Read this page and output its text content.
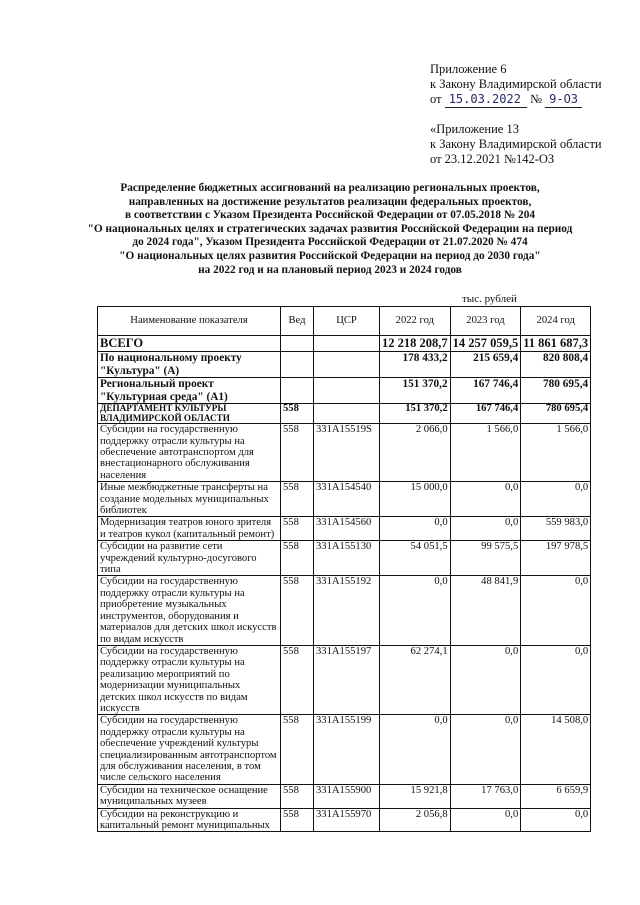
Приложение 6
к Закону Владимирской области
от 15.03.2022 № 9-ОЗ
«Приложение 13
к Закону Владимирской области
от 23.12.2021 №142-ОЗ
Распределение бюджетных ассигнований на реализацию региональных проектов,
направленных на достижение результатов реализации федеральных проектов,
в соответствии с Указом Президента Российской Федерации от 07.05.2018 № 204
"О национальных целях и стратегических задачах развития Российской Федерации на период
до 2024 года", Указом Президента Российской Федерации от 21.07.2020 № 474
"О национальных целях развития Российской Федерации на период до 2030 года"
на 2022 год и на плановый период 2023 и 2024 годов
тыс. рублей
Наименование показателя	Вед	ЦСР	2022 год	2023 год	2024 год
ВСЕГО			12 218 208,7	14 257 059,5	11 861 687,3
По национальному проекту "Культура" (А)			178 433,2	215 659,4	820 808,4
Региональный проект "Культурная среда" (А1)			151 370,2	167 746,4	780 695,4
ДЕПАРТАМЕНТ КУЛЬТУРЫ ВЛАДИМИРСКОЙ ОБЛАСТИ	558		151 370,2	167 746,4	780 695,4
Субсидии на государственную поддержку отрасли культуры на обеспечение автотранспортом для внестационарного обслуживания населения	558	331А15519S	2 066,0	1 566,0	1 566,0
Иные межбюджетные трансферты на создание модельных муниципальных библиотек	558	331А154540	15 000,0	0,0	0,0
Модернизация театров юного зрителя и театров кукол (капитальный ремонт)	558	331А154560	0,0	0,0	559 983,0
Субсидии на развитие сети учреждений культурно-досугового типа	558	331А155130	54 051,5	99 575,5	197 978,5
Субсидии на государственную поддержку отрасли культуры на приобретение музыкальных инструментов, оборудования и материалов для детских школ искусств по видам искусств	558	331А155192	0,0	48 841,9	0,0
Субсидии на государственную поддержку отрасли культуры на реализацию мероприятий по модернизации муниципальных детских школ искусств по видам искусств	558	331А155197	62 274,1	0,0	0,0
Субсидии на государственную поддержку отрасли культуры на обеспечение учреждений культуры специализированным автотранспортом для обслуживания населения, в том числе сельского населения	558	331А155199	0,0	0,0	14 508,0
Субсидии на техническое оснащение муниципальных музеев	558	331А155900	15 921,8	17 763,0	6 659,9
Субсидии на реконструкцию и капитальный ремонт муниципальных	558	331А155970	2 056,8	0,0	0,0
